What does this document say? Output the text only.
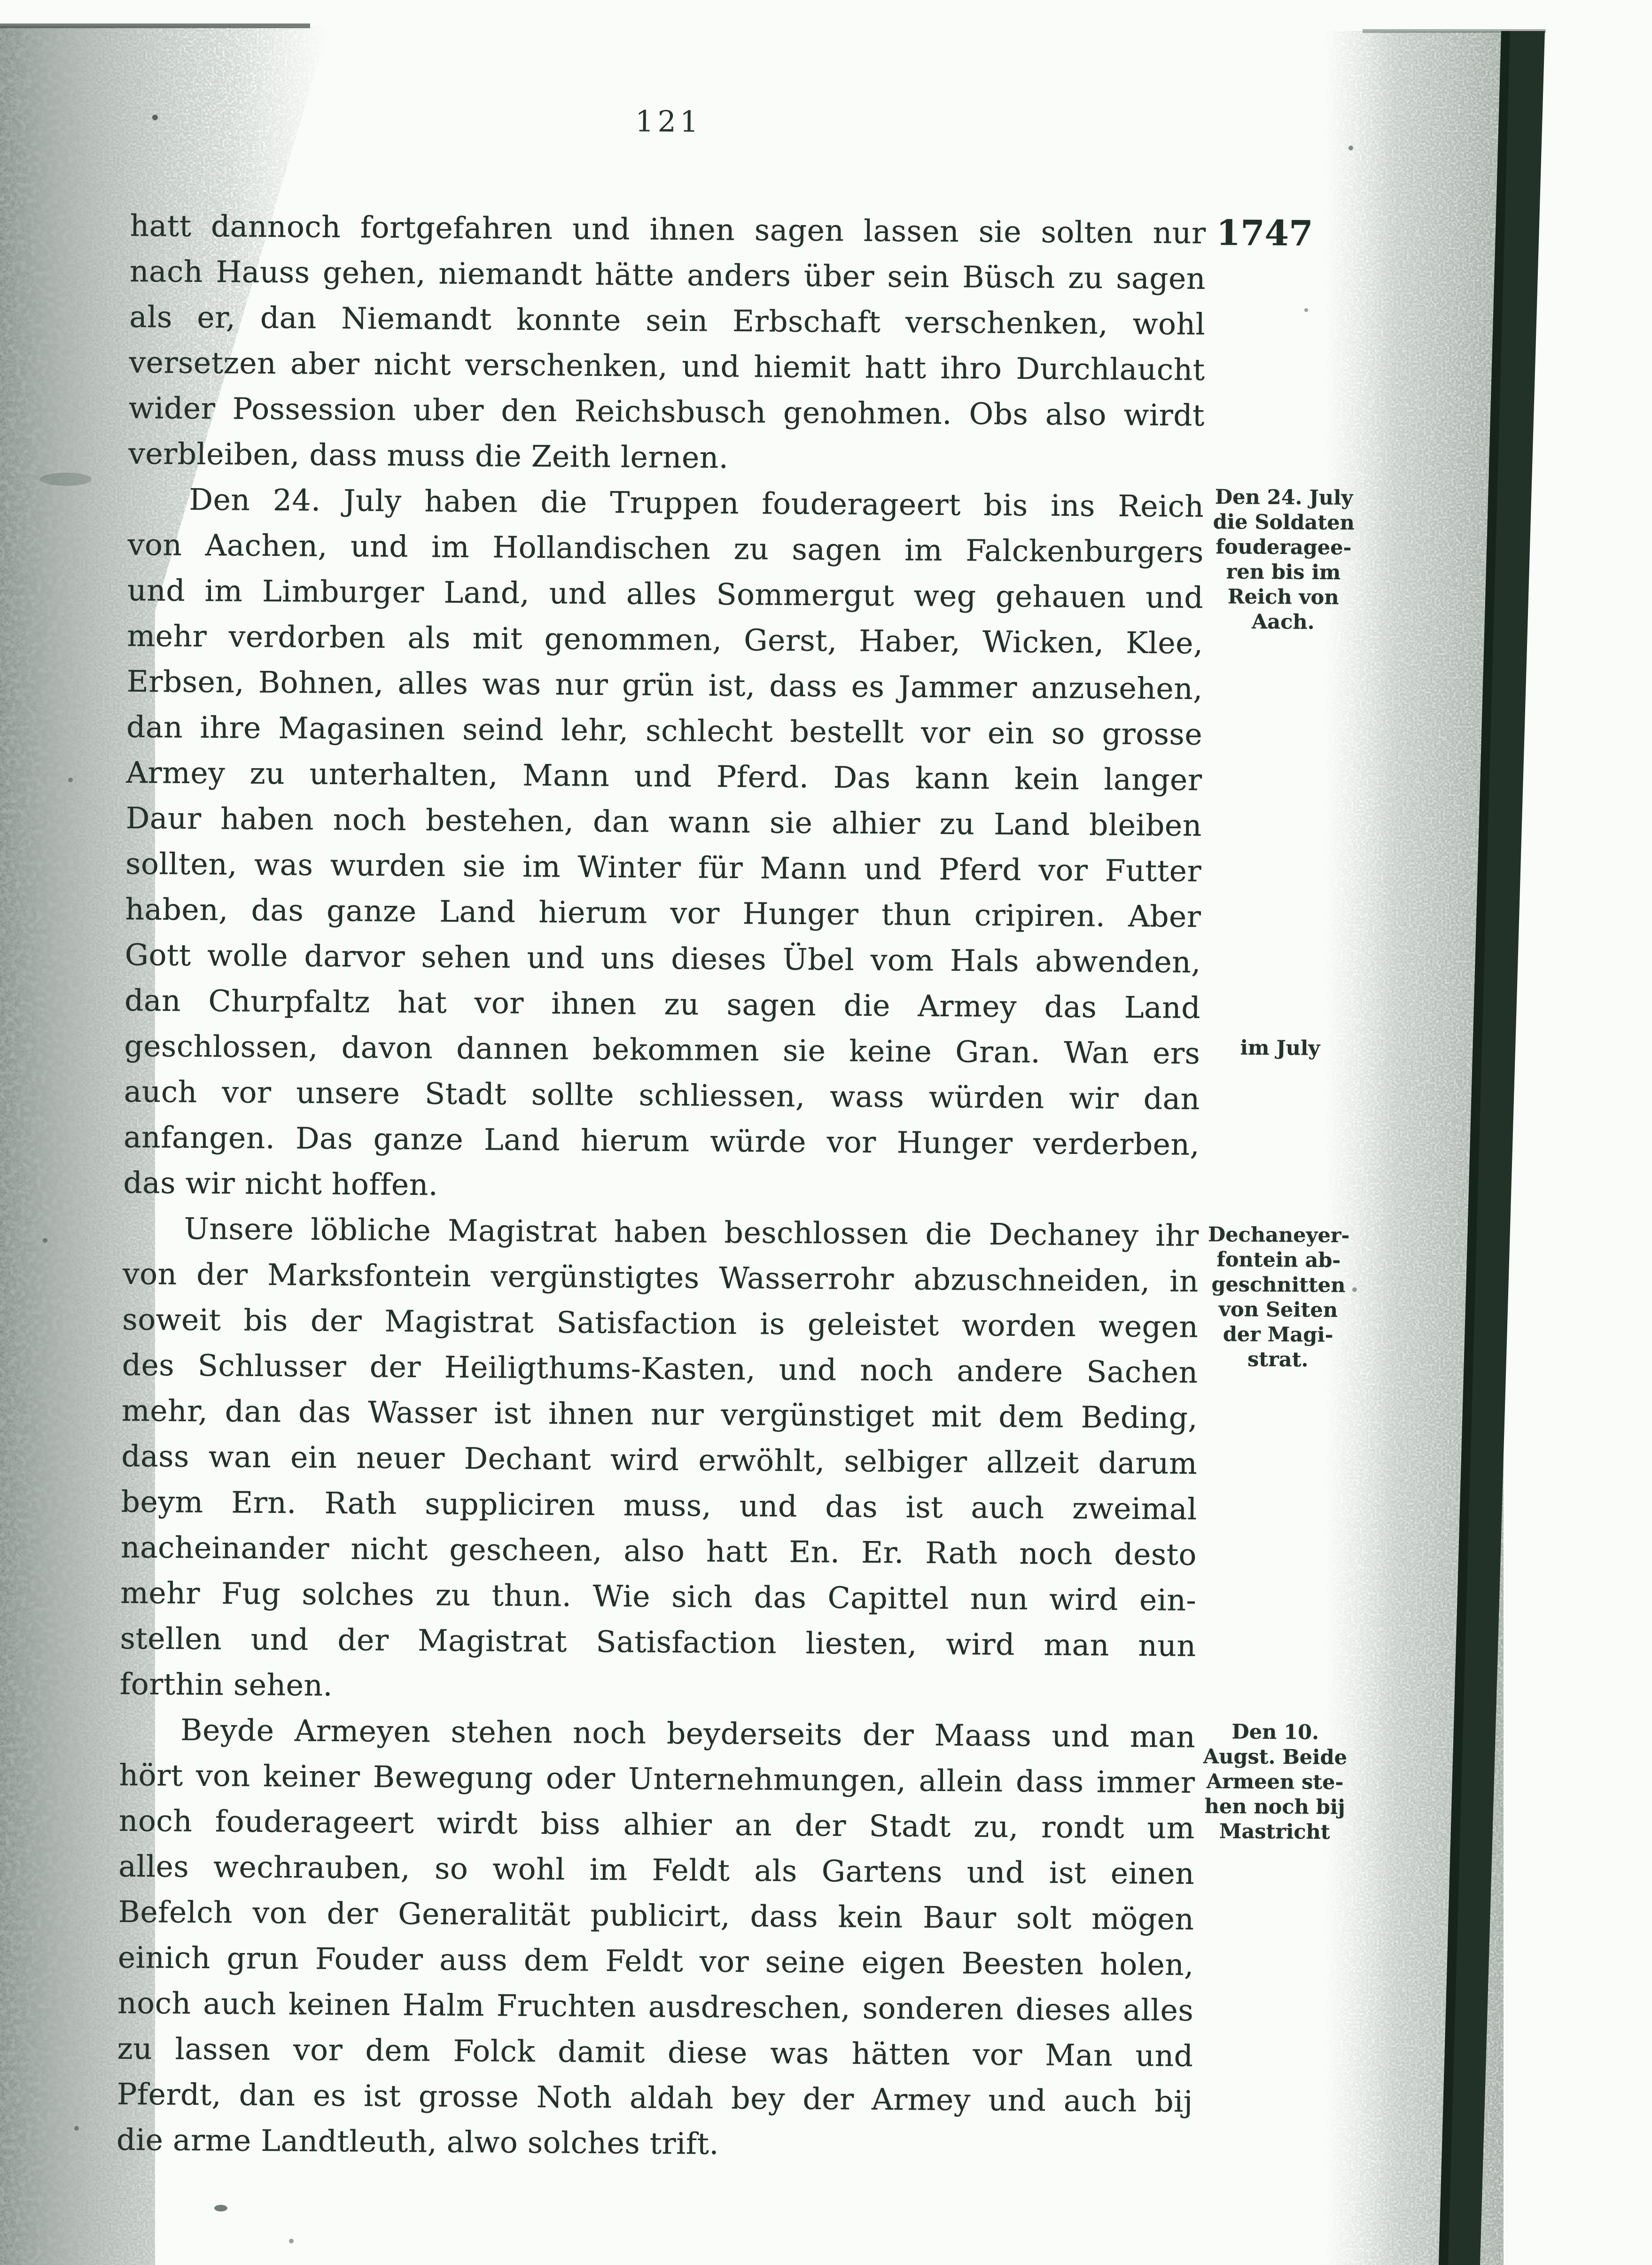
121
1747
hatt dannoch fortgefahren und ihnen sagen lassen sie solten nur
nach Hauss gehen, niemandt hätte anders über sein Büsch zu sagen
als er, dan Niemandt konnte sein Erbschaft verschenken, wohl
versetzen aber nicht verschenken, und hiemit hatt ihro Durchlaucht
wider Possession uber den Reichsbusch genohmen. Obs also wirdt
verbleiben, dass muss die Zeith lernen.
Den 24. July haben die Truppen fouderageert bis ins Reich
von Aachen, und im Hollandischen zu sagen im Falckenburgers
und im Limburger Land, und alles Sommergut weg gehauen und
mehr verdorben als mit genommen, Gerst, Haber, Wicken, Klee,
Erbsen, Bohnen, alles was nur grün ist, dass es Jammer anzusehen,
dan ihre Magasinen seind lehr, schlecht bestellt vor ein so grosse
Armey zu unterhalten, Mann und Pferd. Das kann kein langer
Daur haben noch bestehen, dan wann sie alhier zu Land bleiben
sollten, was wurden sie im Winter für Mann und Pferd vor Futter
haben, das ganze Land hierum vor Hunger thun cripiren. Aber
Gott wolle darvor sehen und uns dieses Übel vom Hals abwenden,
dan Churpfaltz hat vor ihnen zu sagen die Armey das Land
geschlossen, davon dannen bekommen sie keine Gran. Wan ers
auch vor unsere Stadt sollte schliessen, wass würden wir dan
anfangen. Das ganze Land hierum würde vor Hunger verderben,
das wir nicht hoffen.
Unsere löbliche Magistrat haben beschlossen die Dechaney ihr
von der Marksfontein vergünstigtes Wasserrohr abzuschneiden, in
soweit bis der Magistrat Satisfaction is geleistet worden wegen
des Schlusser der Heiligthums-Kasten, und noch andere Sachen
mehr, dan das Wasser ist ihnen nur vergünstiget mit dem Beding,
dass wan ein neuer Dechant wird erwöhlt, selbiger allzeit darum
beym Ern. Rath suppliciren muss, und das ist auch zweimal
nacheinander nicht gescheen, also hatt En. Er. Rath noch desto
mehr Fug solches zu thun. Wie sich das Capittel nun wird ein-
stellen und der Magistrat Satisfaction liesten, wird man nun
forthin sehen.
Beyde Armeyen stehen noch beyderseits der Maass und man
hört von keiner Bewegung oder Unternehmungen, allein dass immer
noch fouderageert wirdt biss alhier an der Stadt zu, rondt um
alles wechrauben, so wohl im Feldt als Gartens und ist einen
Befelch von der Generalität publicirt, dass kein Baur solt mögen
einich grun Fouder auss dem Feldt vor seine eigen Beesten holen,
noch auch keinen Halm Fruchten ausdreschen, sonderen dieses alles
zu lassen vor dem Folck damit diese was hätten vor Man und
Pferdt, dan es ist grosse Noth aldah bey der Armey und auch bij
die arme Landtleuth, alwo solches trift.
Den 24. July
die Soldaten
fouderagee-
ren bis im
Reich von
Aach.
im July
Dechaneyer-
fontein ab-
geschnitten
von Seiten
der Magi-
strat.
Den 10.
Augst. Beide
Armeen ste-
hen noch bij
Mastricht
